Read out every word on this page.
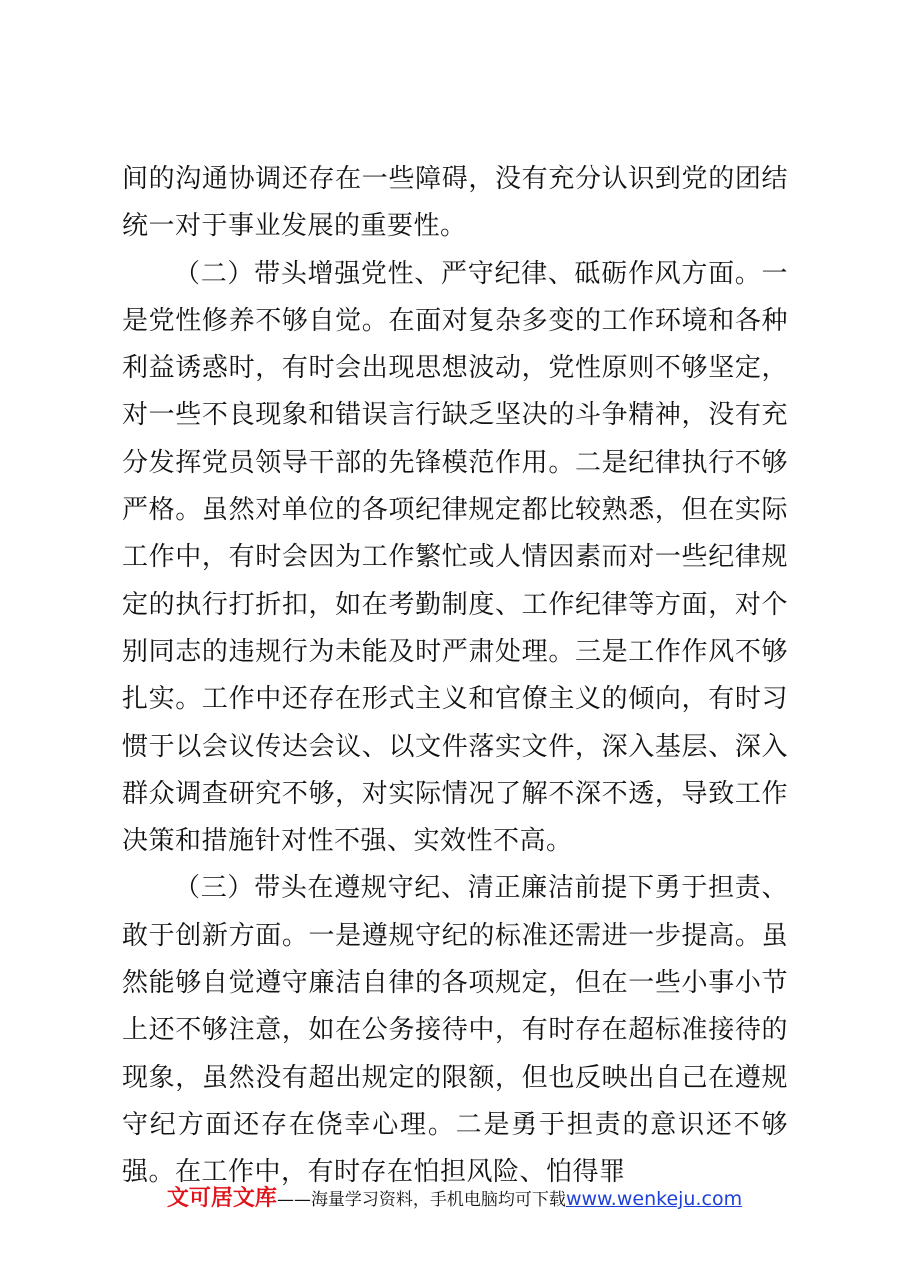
间的沟通协调还存在一些障碍，没有充分认识到党的团结统一对于事业发展的重要性。

（二）带头增强党性、严守纪律、砥砺作风方面。一是党性修养不够自觉。在面对复杂多变的工作环境和各种利益诱惑时，有时会出现思想波动，党性原则不够坚定，对一些不良现象和错误言行缺乏坚决的斗争精神，没有充分发挥党员领导干部的先锋模范作用。二是纪律执行不够严格。虽然对单位的各项纪律规定都比较熟悉，但在实际工作中，有时会因为工作繁忙或人情因素而对一些纪律规定的执行打折扣，如在考勤制度、工作纪律等方面，对个别同志的违规行为未能及时严肃处理。三是工作作风不够扎实。工作中还存在形式主义和官僚主义的倾向，有时习惯于以会议传达会议、以文件落实文件，深入基层、深入群众调查研究不够，对实际情况了解不深不透，导致工作决策和措施针对性不强、实效性不高。

（三）带头在遵规守纪、清正廉洁前提下勇于担责、敢于创新方面。一是遵规守纪的标准还需进一步提高。虽然能够自觉遵守廉洁自律的各项规定，但在一些小事小节上还不够注意，如在公务接待中，有时存在超标准接待的现象，虽然没有超出规定的限额，但也反映出自己在遵规守纪方面还存在侥幸心理。二是勇于担责的意识还不够强。在工作中，有时存在怕担风险、怕得罪

文可居文库——海量学习资料，手机电脑均可下载www.wenkeju.com
